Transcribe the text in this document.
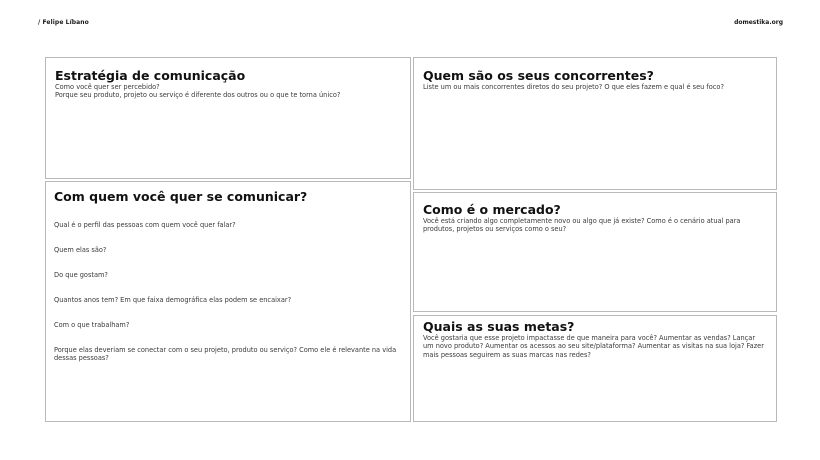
/ Felipe Líbano	domestika.org
Estratégia de comunicação

Como você quer ser percebido?

Porque seu produto, projeto ou serviço é diferente dos outros ou o que te torna único?

Com quem você quer se comunicar?

Qual é o perfil das pessoas com quem você quer falar?

Quem elas são?

Do que gostam?

Quantos anos tem? Em que faixa demográfica elas podem se encaixar?

Com o que trabalham?

Porque elas deveriam se conectar com o seu projeto, produto ou serviço? Como ele é relevante na vida dessas pessoas?

Quem são os seus concorrentes?

Liste um ou mais concorrentes diretos do seu projeto? O que eles fazem e qual é seu foco?

Como é o mercado?

Você está criando algo completamente novo ou algo que já existe? Como é o cenário atual para produtos, projetos ou serviços como o seu?

Quais as suas metas?

Você gostaria que esse projeto impactasse de que maneira para você? Aumentar as vendas? Lançar um novo produto? Aumentar os acessos ao seu site/plataforma? Aumentar as visitas na sua loja? Fazer mais pessoas seguirem as suas marcas nas redes?
